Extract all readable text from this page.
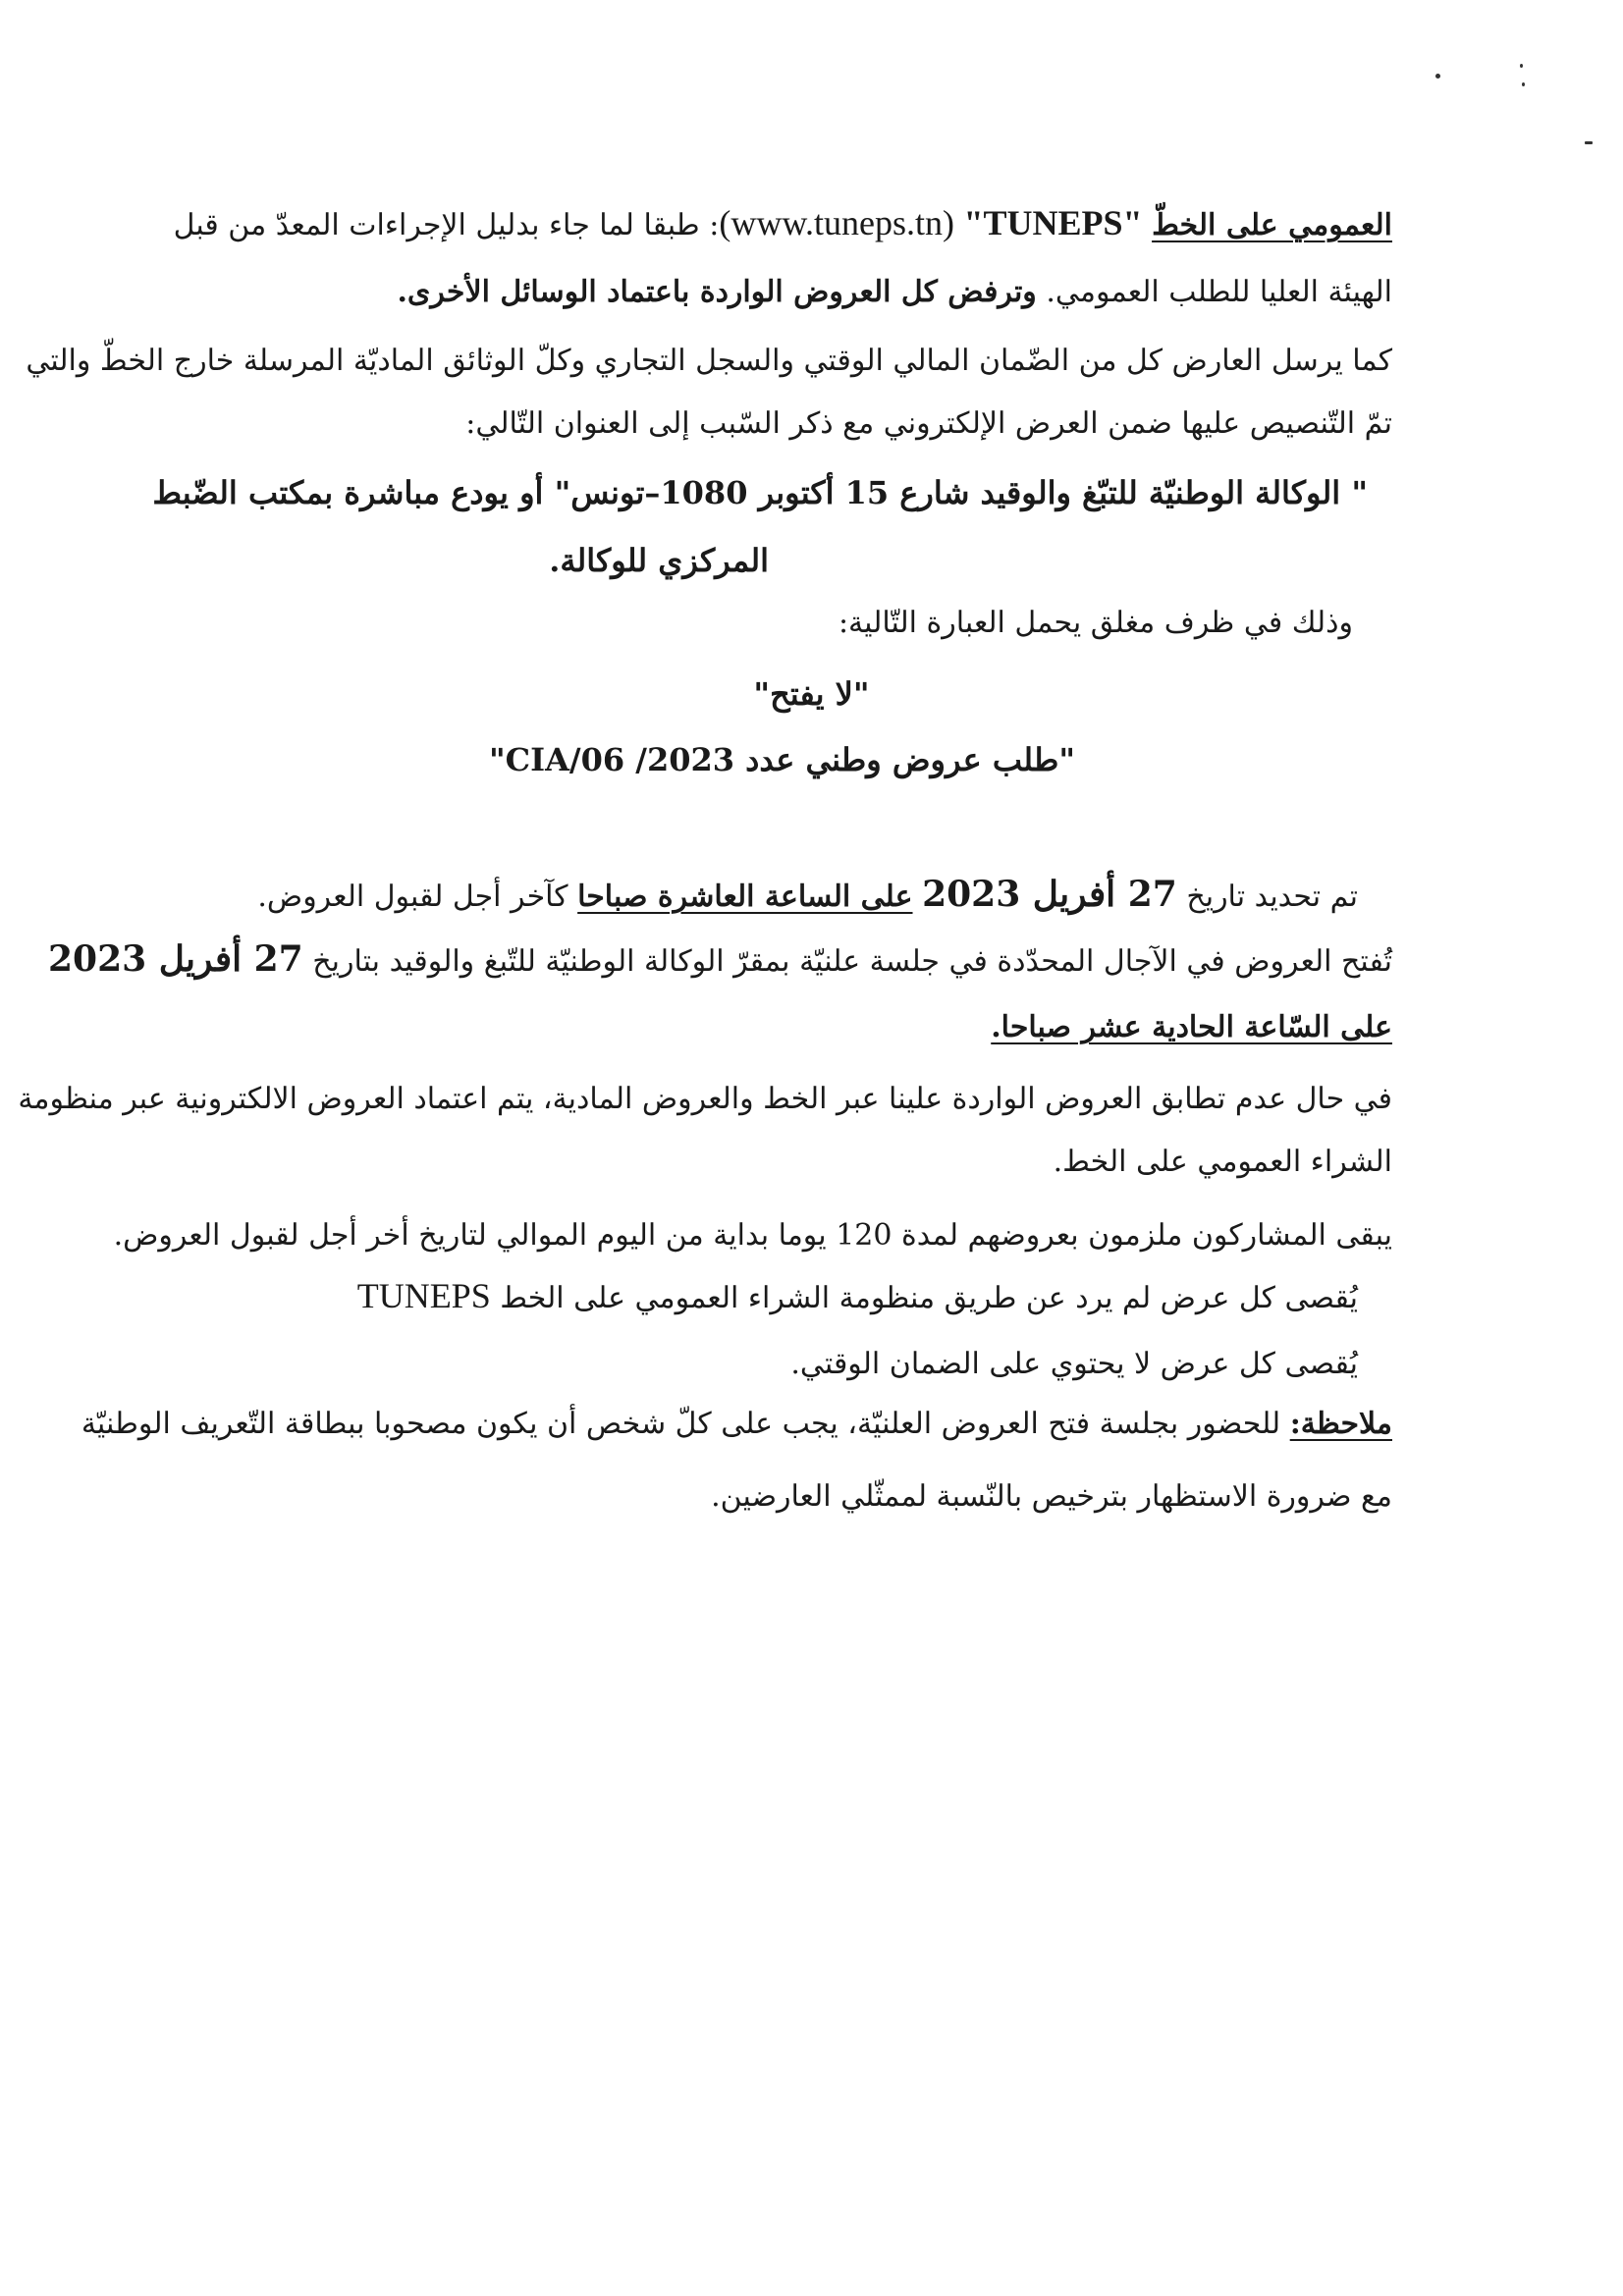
العمومي على الخطّ "TUNEPS" (www.tuneps.tn): طبقا لما جاء بدليل الإجراءات المعدّ من قبل
الهيئة العليا للطلب العمومي. وترفض كل العروض الواردة باعتماد الوسائل الأخرى.
كما يرسل العارض كل من الضّمان المالي الوقتي والسجل التجاري وكلّ الوثائق الماديّة المرسلة خارج الخطّ والتي
تمّ التّنصيص عليها ضمن العرض الإلكتروني مع ذكر السّبب إلى العنوان التّالي:
" الوكالة الوطنيّة للتبّغ والوقيد شارع 15 أكتوبر 1080–تونس" أو يودع مباشرة بمكتب الضّبط
المركزي للوكالة.
وذلك في ظرف مغلق يحمل العبارة التّالية:
"لا يفتح"
"طلب عروض وطني عدد 2023/ CIA/06"
تم تحديد تاريخ 27 أفريل 2023 على الساعة العاشرة صباحا كآخر أجل لقبول العروض.
تُفتح العروض في الآجال المحدّدة في جلسة علنيّة بمقرّ الوكالة الوطنيّة للتّبغ والوقيد بتاريخ 27 أفريل 2023
على السّاعة الحادية عشر صباحا.
في حال عدم تطابق العروض الواردة علينا عبر الخط والعروض المادية، يتم اعتماد العروض الالكترونية عبر منظومة
الشراء العمومي على الخط.
يبقى المشاركون ملزمون بعروضهم لمدة 120 يوما بداية من اليوم الموالي لتاريخ أخر أجل لقبول العروض.
يُقصى كل عرض لم يرد عن طريق منظومة الشراء العمومي على الخط TUNEPS
يُقصى كل عرض لا يحتوي على الضمان الوقتي.
ملاحظة: للحضور بجلسة فتح العروض العلنيّة، يجب على كلّ شخص أن يكون مصحوبا ببطاقة التّعريف الوطنيّة
مع ضرورة الاستظهار بترخيص بالنّسبة لممثّلي العارضين.
